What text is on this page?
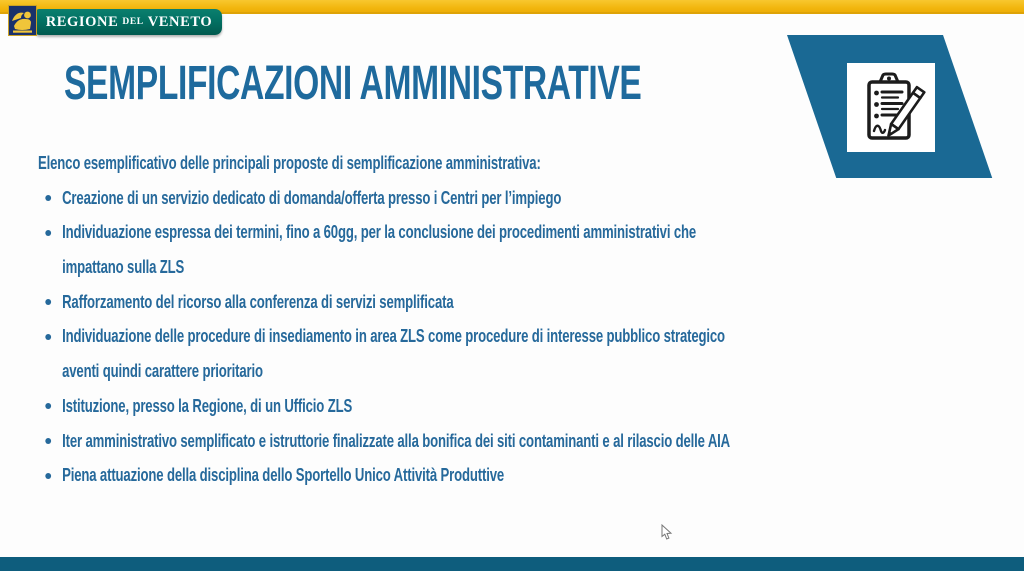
REGIONE DEL VENETO
SEMPLIFICAZIONI AMMINISTRATIVE
Elenco esemplificativo delle principali proposte di semplificazione amministrativa:
Creazione di un servizio dedicato di domanda/offerta presso i Centri per l’impiego
Individuazione espressa dei termini, fino a 60gg, per la conclusione dei procedimenti amministrativi che
impattano sulla ZLS
Rafforzamento del ricorso alla conferenza di servizi semplificata
Individuazione delle procedure di insediamento in area ZLS come procedure di interesse pubblico strategico
aventi quindi carattere prioritario
Istituzione, presso la Regione, di un Ufficio ZLS
Iter amministrativo semplificato e istruttorie finalizzate alla bonifica dei siti contaminanti e al rilascio delle AIA
Piena attuazione della disciplina dello Sportello Unico Attività Produttive
